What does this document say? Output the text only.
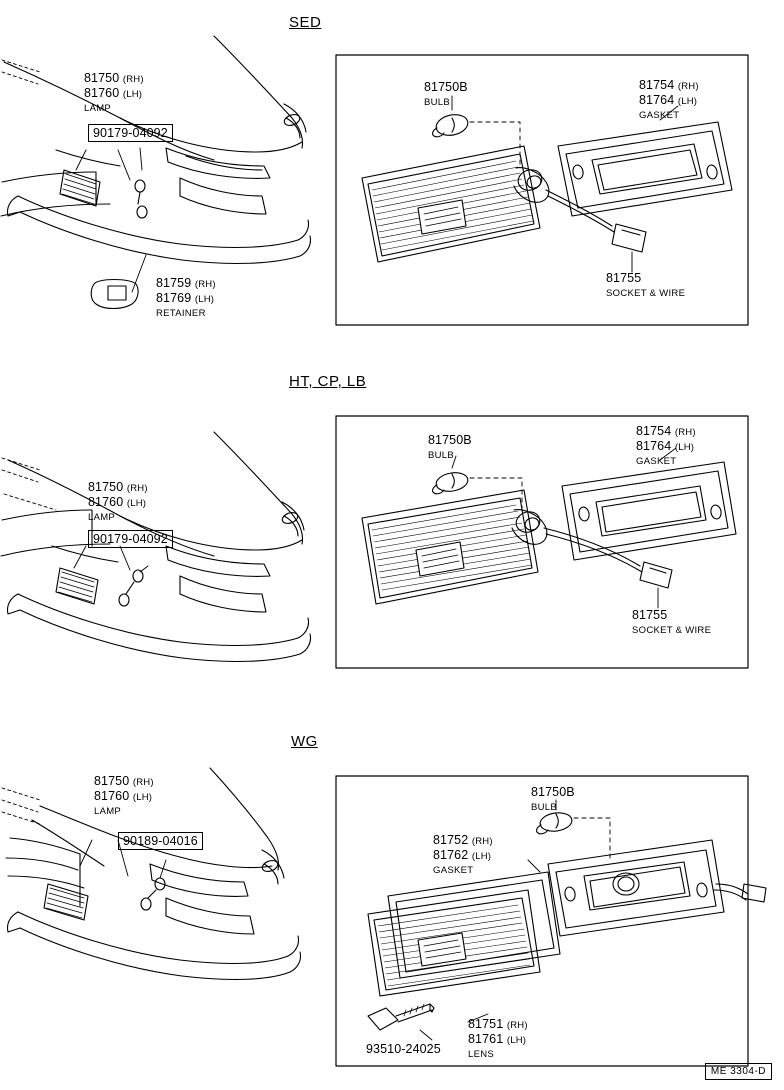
SED
81750 (RH)
81760 (LH)
LAMP
90179-04092
81759 (RH)
81769 (LH)
RETAINER
81750B
BULB
81754 (RH)
81764 (LH)
GASKET
81755
SOCKET & WIRE
HT, CP, LB
81750 (RH)
81760 (LH)
LAMP
90179-04092
81750B
BULB
81754 (RH)
81764 (LH)
GASKET
81755
SOCKET & WIRE
WG
81750 (RH)
81760 (LH)
LAMP
90189-04016
81750B
BULB
81752 (RH)
81762 (LH)
GASKET
81751 (RH)
81761 (LH)
LENS
93510-24025
ME 3304-D
